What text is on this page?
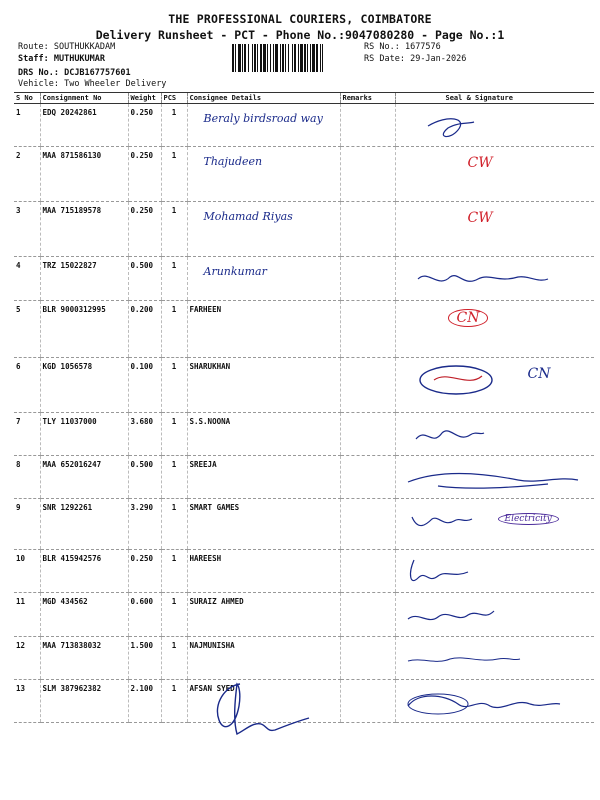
THE PROFESSIONAL COURIERS, COIMBATORE
Delivery Runsheet - PCT - Phone No.:9047080280 - Page No.:1
Route: SOUTHUKKADAM
Staff: MUTHUKUMAR
DRS No.: DCJB167757601
Vehicle: Two Wheeler Delivery
RS No.: 1677576
RS Date: 29-Jan-2026
S No	Consignment No	Weight	PCS	Consignee Details	Remarks	Seal & Signature
1	EDQ 20242861	0.250	1	Beraly birdsroad way

2	MAA 871586130	0.250	1	Thajudeen		CW
3	MAA 715189578	0.250	1	Mohamad Riyas		CW
4	TRZ 15022827	0.500	1	Arunkumar

5	BLR 9000312995	0.200	1	FARHEEN		CN
6	KGD 1056578	0.100	1	SHARUKHAN		CN
7	TLY 11037000	3.680	1	S.S.NOONA		

8	MAA 652016247	0.500	1	SREEJA		

9	SNR 1292261	3.290	1	SMART GAMES		Electricity
10	BLR 415942576	0.250	1	HAREESH		

11	MGD 434562	0.600	1	SURAIZ AHMED		

12	MAA 713838032	1.500	1	NAJMUNISHA		

13	SLM 387962382	2.100	1	AFSAN SYED		
